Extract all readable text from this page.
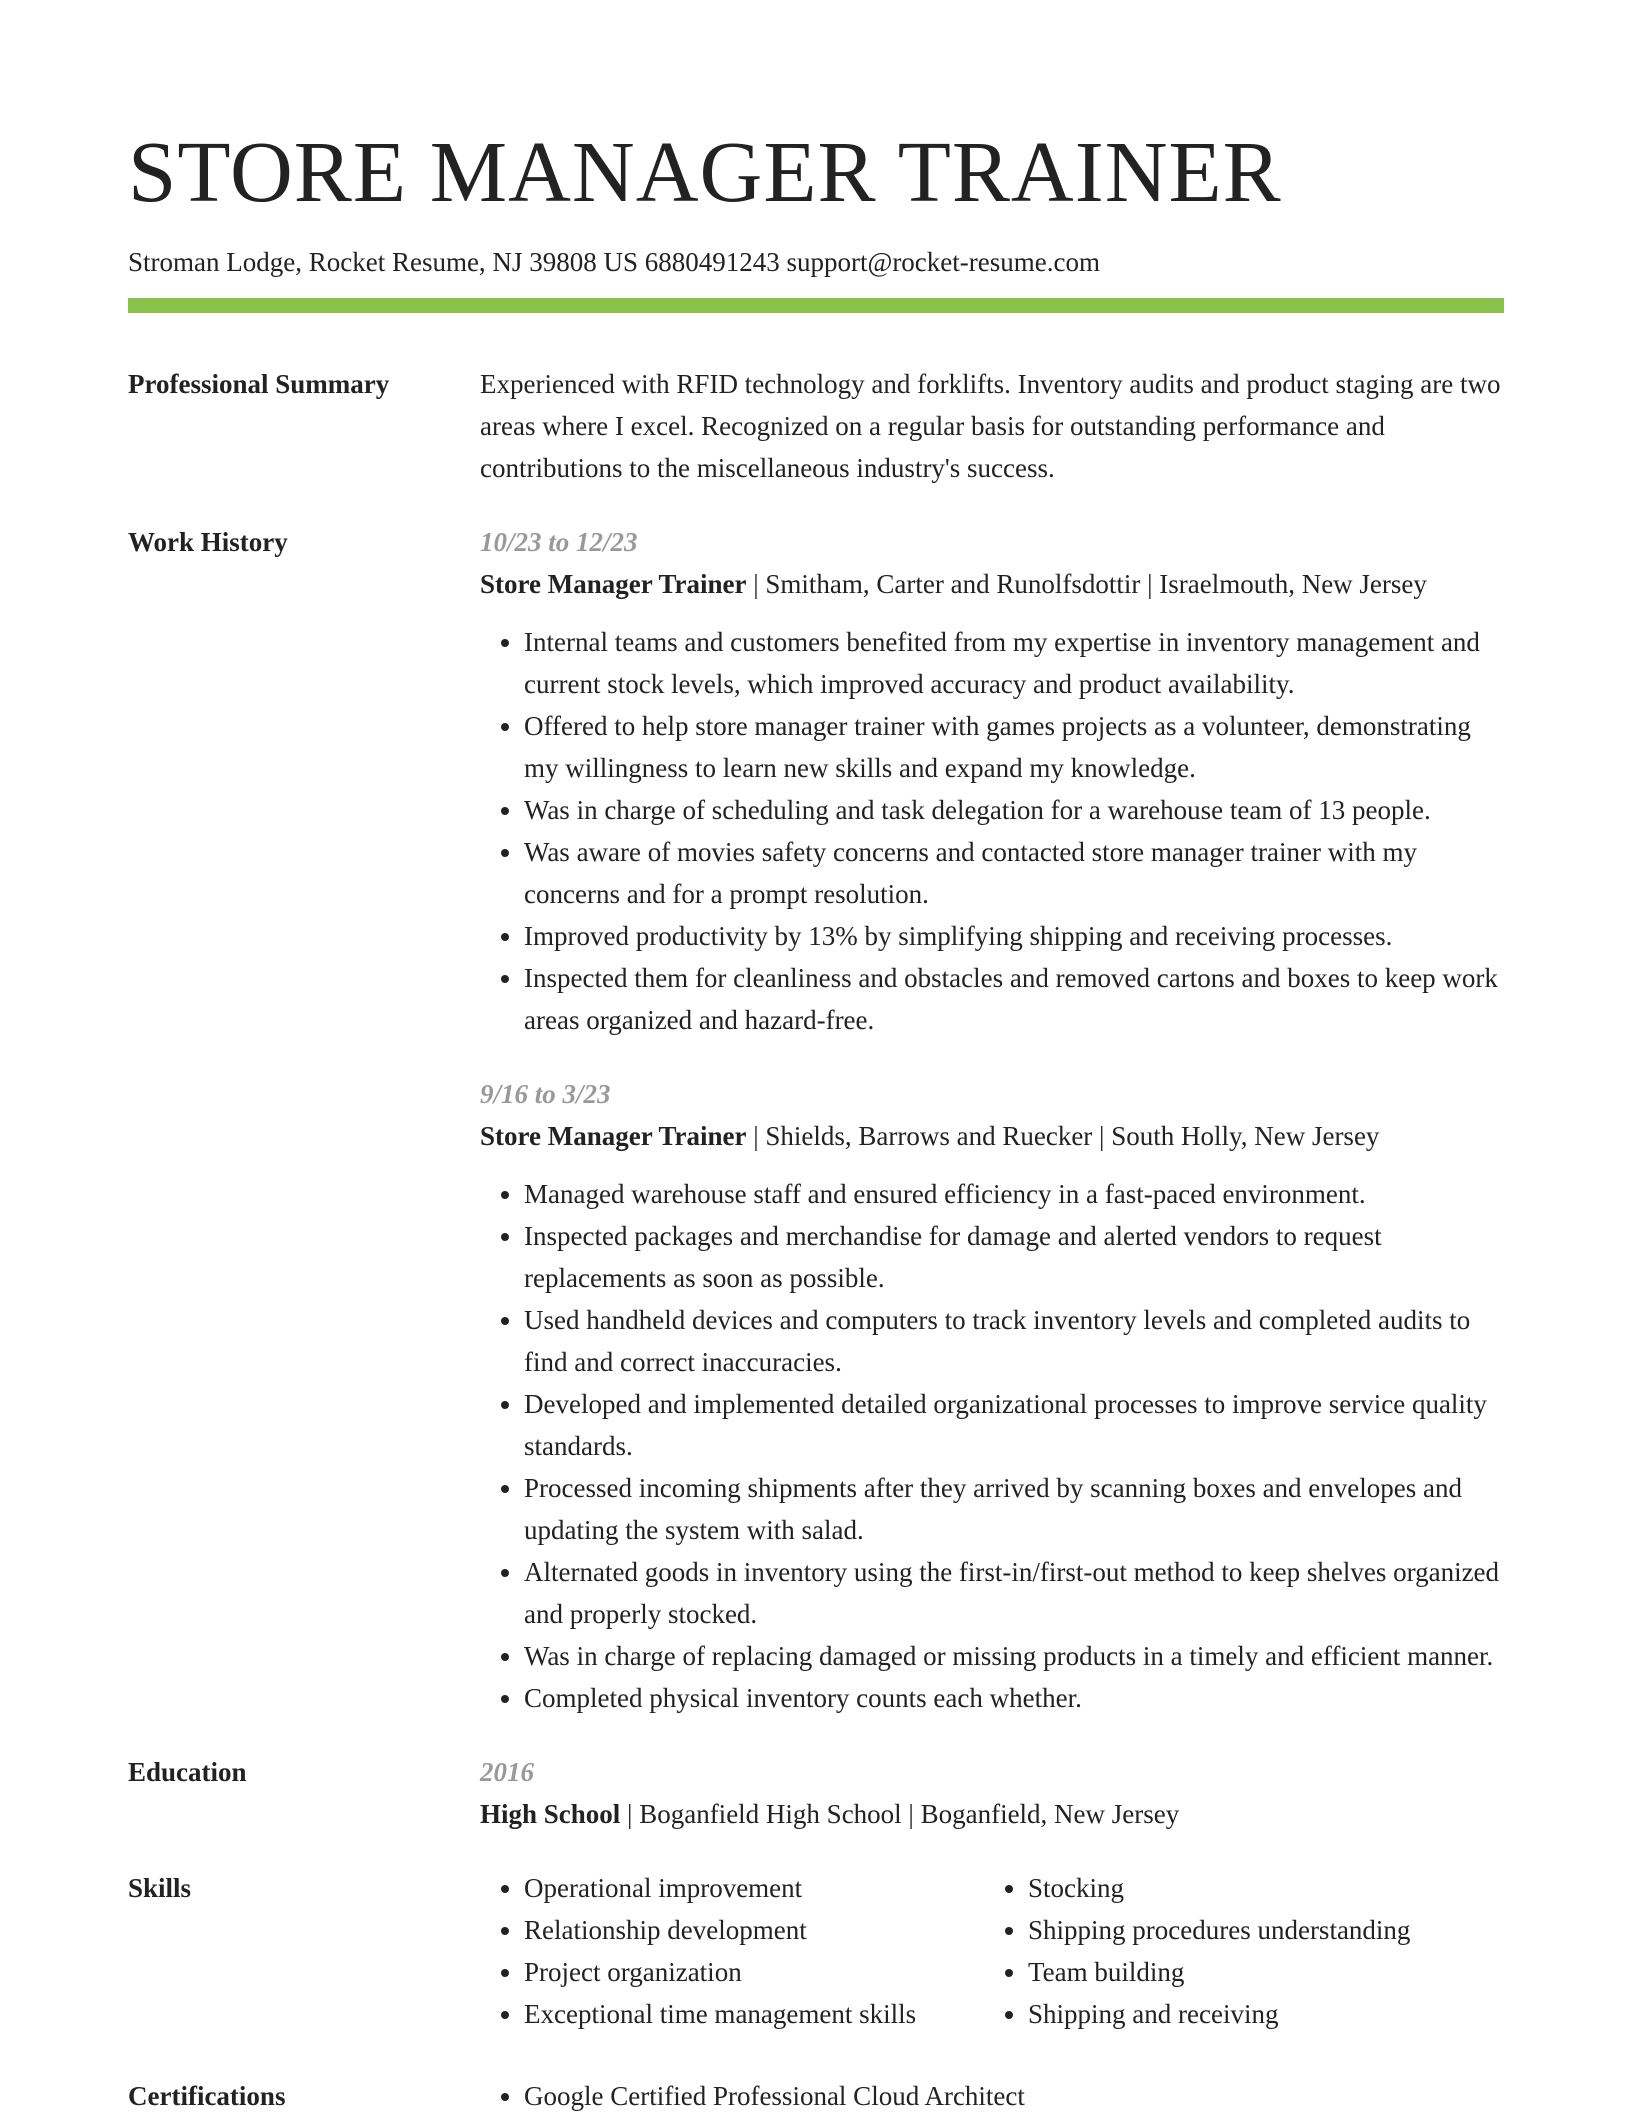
STORE MANAGER TRAINER
Stroman Lodge, Rocket Resume, NJ 39808 US 6880491243 support@rocket-resume.com
Professional Summary	Experienced with RFID technology and forklifts. Inventory audits and product staging are two areas where I excel. Recognized on a regular basis for outstanding performance and contributions to the miscellaneous industry's success.
Work History	10/23 to 12/23
Store Manager Trainer | Smitham, Carter and Runolfsdottir | Israelmouth, New Jersey
• Internal teams and customers benefited from my expertise in inventory management and current stock levels, which improved accuracy and product availability.
• Offered to help store manager trainer with games projects as a volunteer, demonstrating my willingness to learn new skills and expand my knowledge.
• Was in charge of scheduling and task delegation for a warehouse team of 13 people.
• Was aware of movies safety concerns and contacted store manager trainer with my concerns and for a prompt resolution.
• Improved productivity by 13% by simplifying shipping and receiving processes.
• Inspected them for cleanliness and obstacles and removed cartons and boxes to keep work areas organized and hazard-free.
9/16 to 3/23
Store Manager Trainer | Shields, Barrows and Ruecker | South Holly, New Jersey
• Managed warehouse staff and ensured efficiency in a fast-paced environment.
• Inspected packages and merchandise for damage and alerted vendors to request replacements as soon as possible.
• Used handheld devices and computers to track inventory levels and completed audits to find and correct inaccuracies.
• Developed and implemented detailed organizational processes to improve service quality standards.
• Processed incoming shipments after they arrived by scanning boxes and envelopes and updating the system with salad.
• Alternated goods in inventory using the first-in/first-out method to keep shelves organized and properly stocked.
• Was in charge of replacing damaged or missing products in a timely and efficient manner.
• Completed physical inventory counts each whether.
Education	2016
High School | Boganfield High School | Boganfield, New Jersey
Skills	• Operational improvement
• Relationship development
• Project organization
• Exceptional time management skills
• Stocking
• Shipping procedures understanding
• Team building
• Shipping and receiving
Certifications	• Google Certified Professional Cloud Architect
